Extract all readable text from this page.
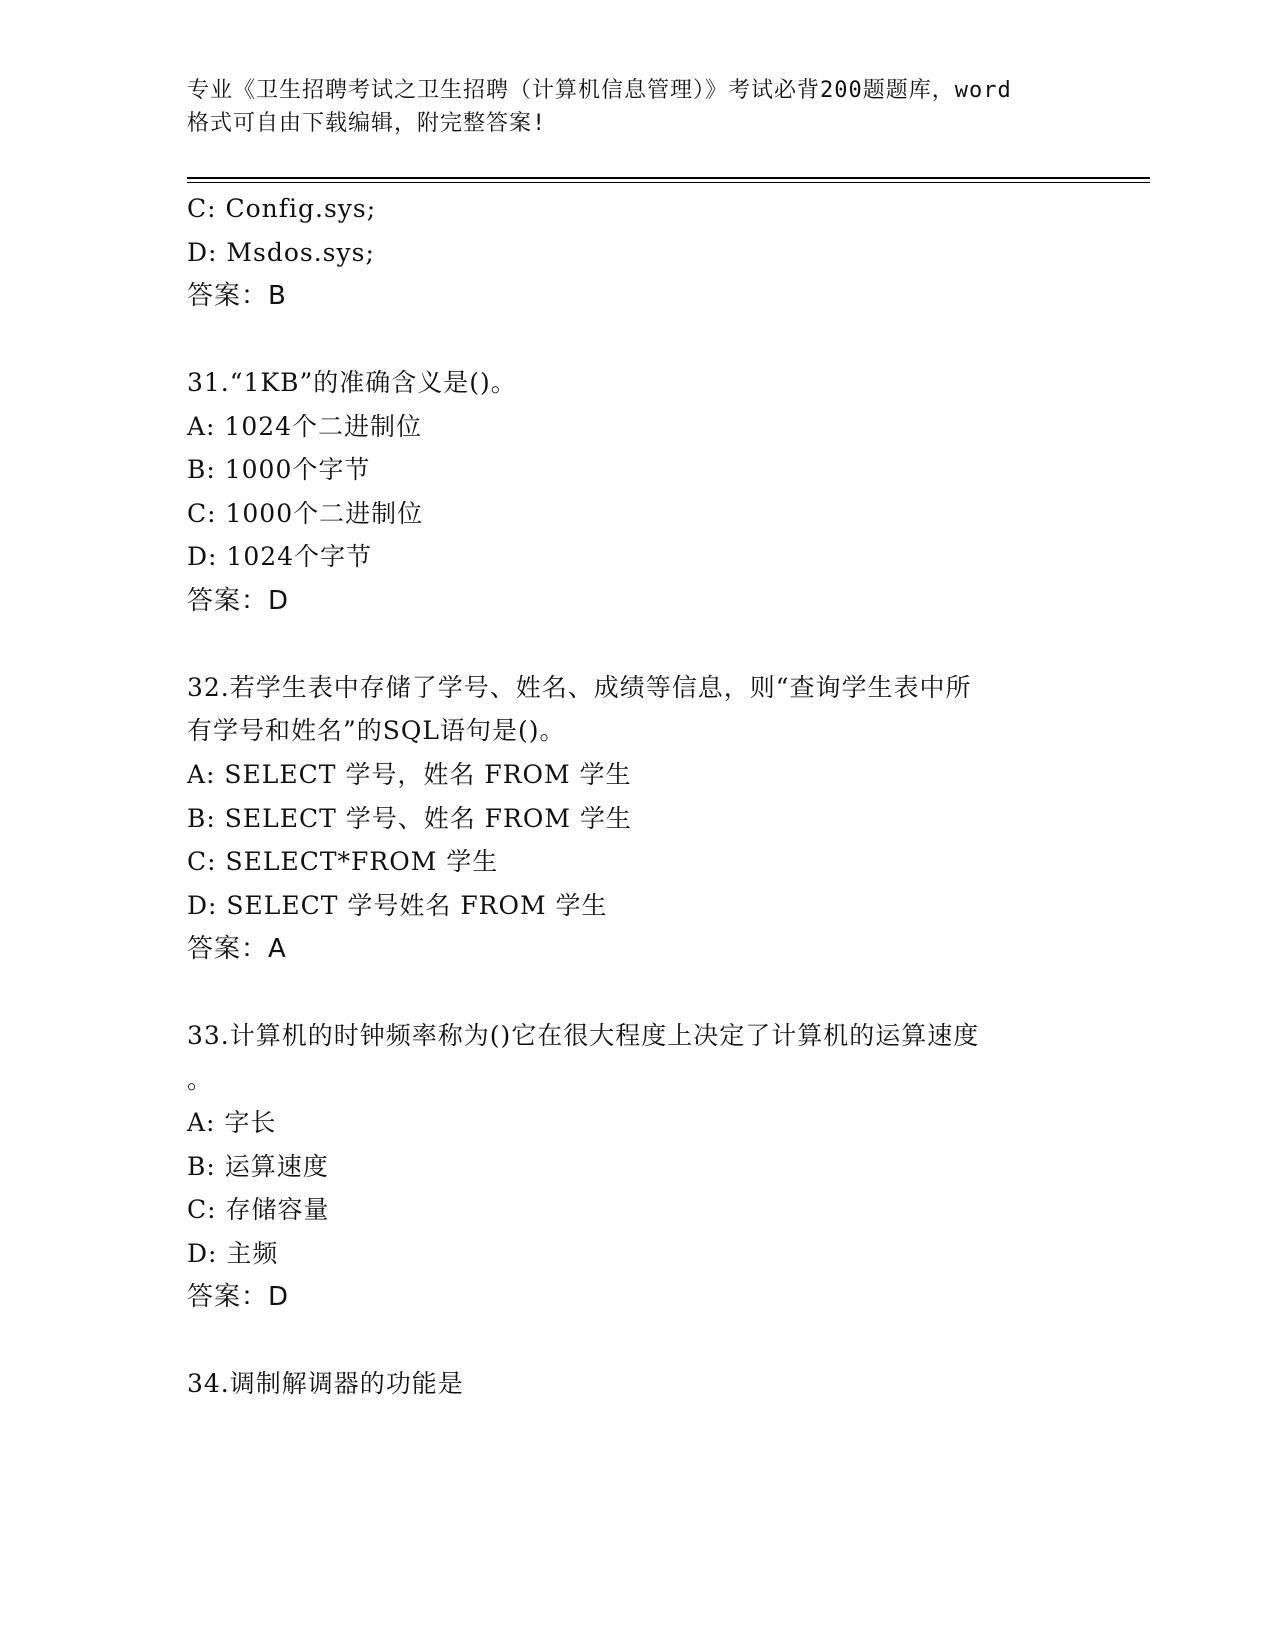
专业《卫生招聘考试之卫生招聘（计算机信息管理）》考试必背200题题库，word
格式可自由下载编辑，附完整答案!
C: Config.sys;
D: Msdos.sys;
答案：B
31.“1KB”的准确含义是()。
A: 1024个二进制位
B: 1000个字节
C: 1000个二进制位
D: 1024个字节
答案：D
32.若学生表中存储了学号、姓名、成绩等信息，则“查询学生表中所
有学号和姓名”的SQL语句是()。
A: SELECT 学号，姓名 FROM 学生
B: SELECT 学号、姓名 FROM 学生
C: SELECT*FROM 学生
D: SELECT 学号姓名 FROM 学生
答案：A
33.计算机的时钟频率称为()它在很大程度上决定了计算机的运算速度
。
A: 字长
B: 运算速度
C: 存储容量
D: 主频
答案：D
34.调制解调器的功能是
